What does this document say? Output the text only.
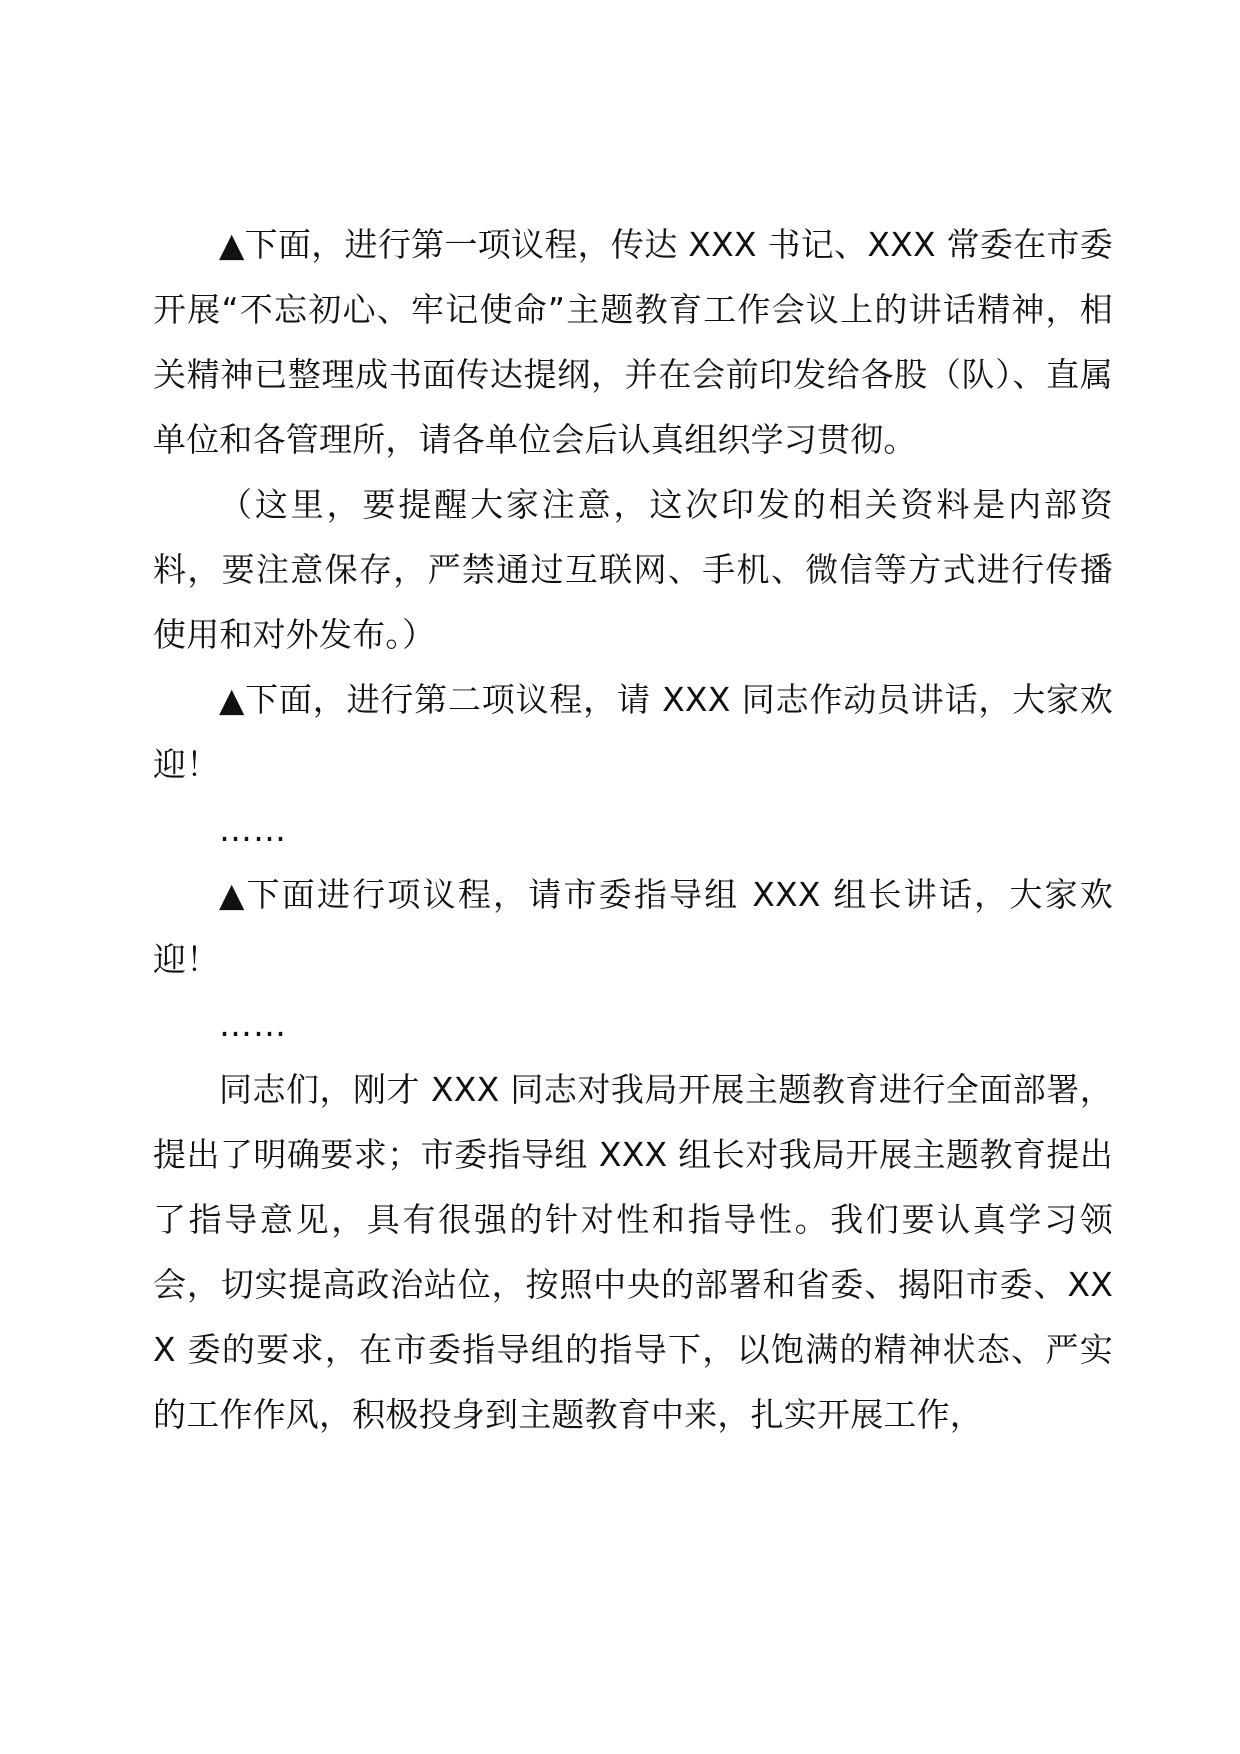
▲下面，进行第一项议程，传达 XXX 书记、XXX 常委在市委开展“不忘初心、牢记使命”主题教育工作会议上的讲话精神，相关精神已整理成书面传达提纲，并在会前印发给各股（队）、直属单位和各管理所，请各单位会后认真组织学习贯彻。

（这里，要提醒大家注意，这次印发的相关资料是内部资料，要注意保存，严禁通过互联网、手机、微信等方式进行传播使用和对外发布。）

▲下面，进行第二项议程，请 XXX 同志作动员讲话，大家欢迎！

……

▲下面进行项议程，请市委指导组 XXX 组长讲话，大家欢迎！

……

同志们，刚才 XXX 同志对我局开展主题教育进行全面部署，提出了明确要求；市委指导组 XXX 组长对我局开展主题教育提出了指导意见，具有很强的针对性和指导性。我们要认真学习领会，切实提高政治站位，按照中央的部署和省委、揭阳市委、XXX 委的要求，在市委指导组的指导下，以饱满的精神状态、严实的工作作风，积极投身到主题教育中来，扎实开展工作，
